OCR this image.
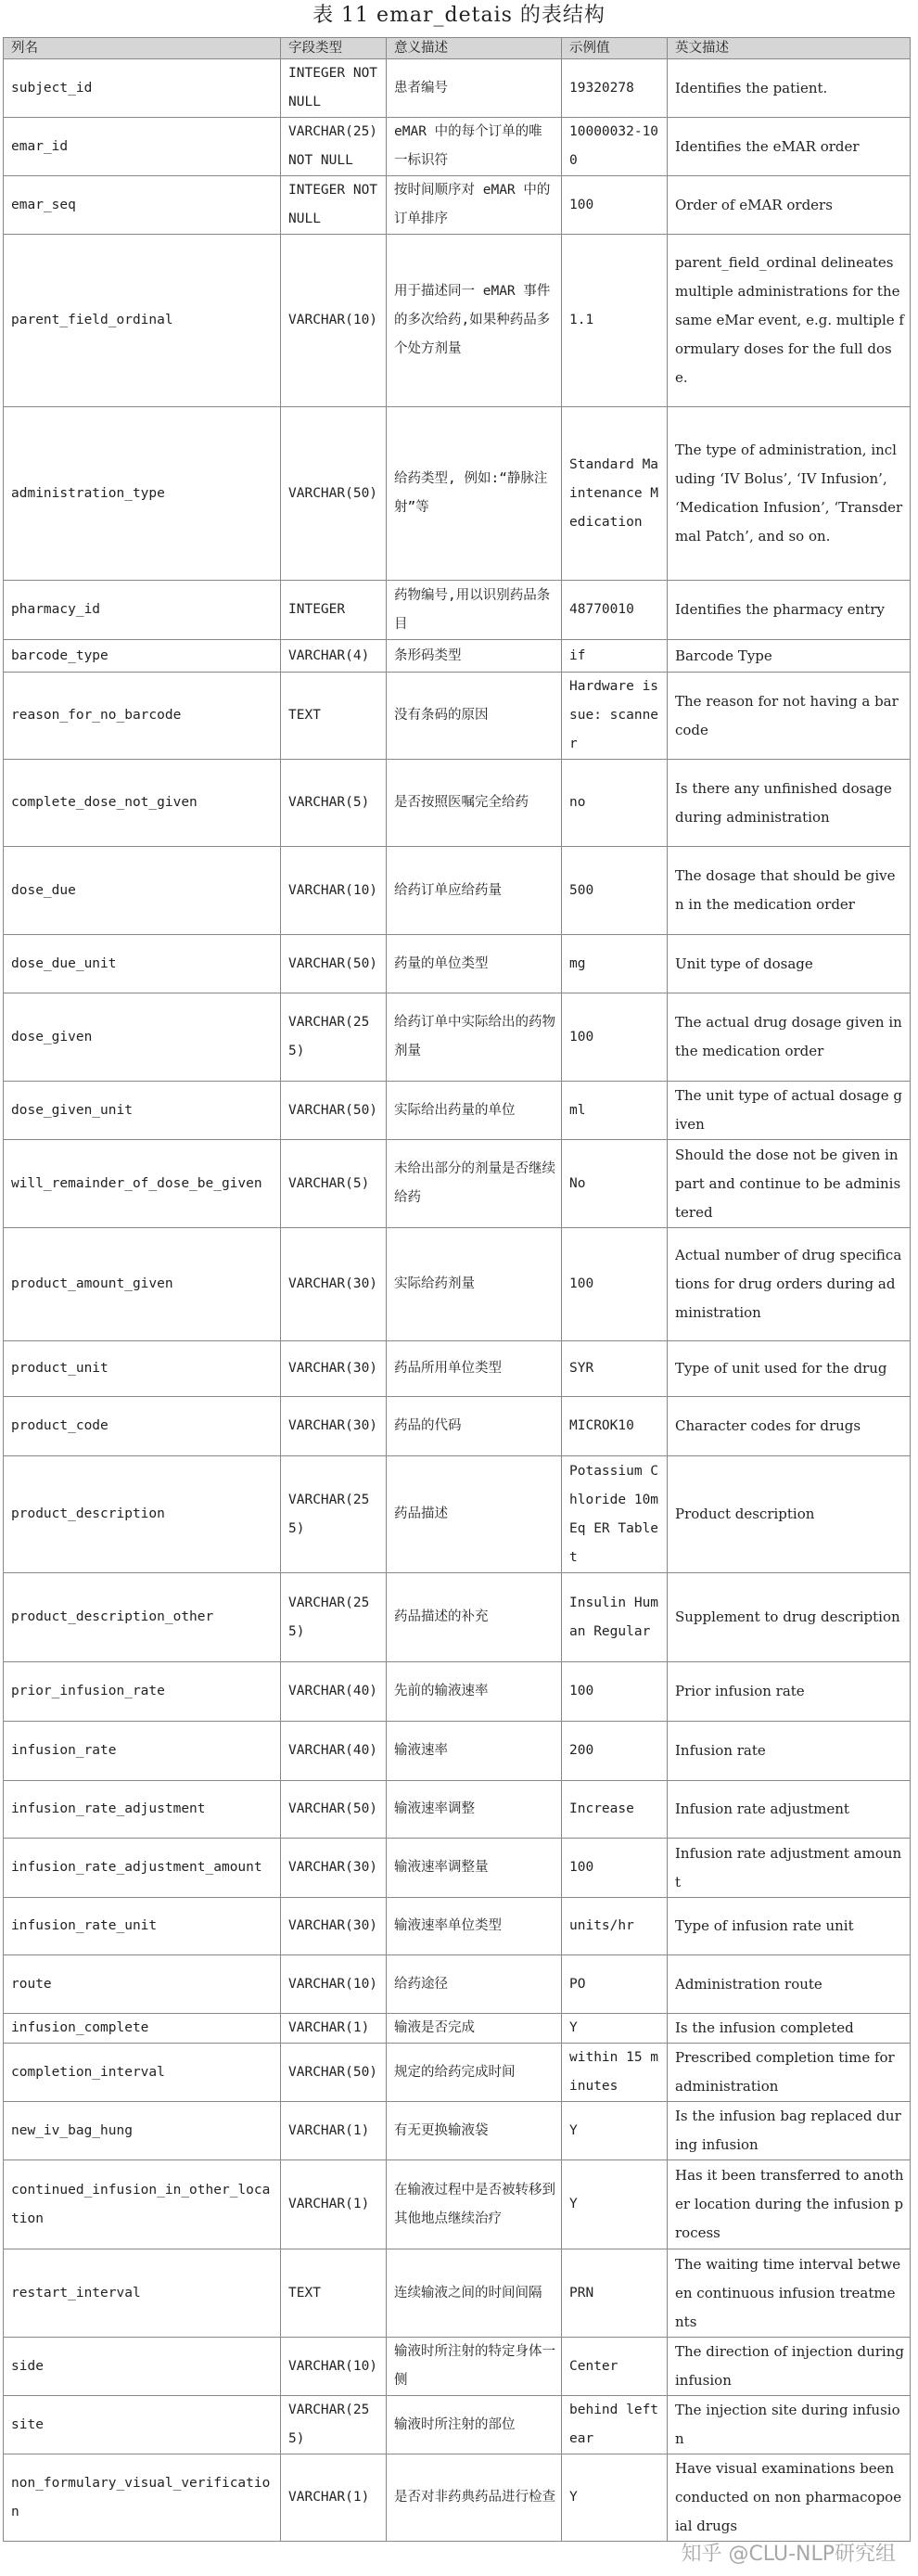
表 11 emar_detais 的表结构
列名	字段类型	意义描述	示例值	英文描述
subject_id	INTEGER NOT NULL	患者编号	19320278	Identifies the patient.
emar_id	VARCHAR(25) NOT NULL	eMAR 中的每个订单的唯一标识符	10000032-100	Identifies the eMAR order
emar_seq	INTEGER NOT NULL	按时间顺序对 eMAR 中的订单排序	100	Order of eMAR orders
parent_field_ordinal	VARCHAR(10)	用于描述同一 eMAR 事件的多次给药,如果种药品多个处方剂量	1.1	parent_field_ordinal delineates multiple administrations for the same eMar event, e.g. multiple formulary doses for the full dose.
administration_type	VARCHAR(50)	给药类型, 例如:“静脉注射”等	Standard Maintenance Medication	The type of administration, including ‘IV Bolus’, ‘IV Infusion’, ‘Medication Infusion’, ‘Transdermal Patch’, and so on.
pharmacy_id	INTEGER	药物编号,用以识别药品条目	48770010	Identifies the pharmacy entry
barcode_type	VARCHAR(4)	条形码类型	if	Barcode Type
reason_for_no_barcode	TEXT	没有条码的原因	Hardware issue: scanner	The reason for not having a barcode
complete_dose_not_given	VARCHAR(5)	是否按照医嘱完全给药	no	Is there any unfinished dosage during administration
dose_due	VARCHAR(10)	给药订单应给药量	500	The dosage that should be given in the medication order
dose_due_unit	VARCHAR(50)	药量的单位类型	mg	Unit type of dosage
dose_given	VARCHAR(255)	给药订单中实际给出的药物剂量	100	The actual drug dosage given in the medication order
dose_given_unit	VARCHAR(50)	实际给出药量的单位	ml	The unit type of actual dosage given
will_remainder_of_dose_be_given	VARCHAR(5)	未给出部分的剂量是否继续给药	No	Should the dose not be given in part and continue to be administered
product_amount_given	VARCHAR(30)	实际给药剂量	100	Actual number of drug specifications for drug orders during administration
product_unit	VARCHAR(30)	药品所用单位类型	SYR	Type of unit used for the drug
product_code	VARCHAR(30)	药品的代码	MICROK10	Character codes for drugs
product_description	VARCHAR(255)	药品描述	Potassium Chloride 10mEq ER Tablet	Product description
product_description_other	VARCHAR(255)	药品描述的补充	Insulin Human Regular	Supplement to drug description
prior_infusion_rate	VARCHAR(40)	先前的输液速率	100	Prior infusion rate
infusion_rate	VARCHAR(40)	输液速率	200	Infusion rate
infusion_rate_adjustment	VARCHAR(50)	输液速率调整	Increase	Infusion rate adjustment
infusion_rate_adjustment_amount	VARCHAR(30)	输液速率调整量	100	Infusion rate adjustment amount
infusion_rate_unit	VARCHAR(30)	输液速率单位类型	units/hr	Type of infusion rate unit
route	VARCHAR(10)	给药途径	PO	Administration route
infusion_complete	VARCHAR(1)	输液是否完成	Y	Is the infusion completed
completion_interval	VARCHAR(50)	规定的给药完成时间	within 15 minutes	Prescribed completion time for administration
new_iv_bag_hung	VARCHAR(1)	有无更换输液袋	Y	Is the infusion bag replaced during infusion
continued_infusion_in_other_location	VARCHAR(1)	在输液过程中是否被转移到其他地点继续治疗	Y	Has it been transferred to another location during the infusion process
restart_interval	TEXT	连续输液之间的时间间隔	PRN	The waiting time interval between continuous infusion treatments
side	VARCHAR(10)	输液时所注射的特定身体一侧	Center	The direction of injection during infusion
site	VARCHAR(255)	输液时所注射的部位	behind left ear	The injection site during infusion
non_formulary_visual_verification	VARCHAR(1)	是否对非药典药品进行检查	Y	Have visual examinations been conducted on non pharmacopoeial drugs
知乎 @CLU-NLP研究组
